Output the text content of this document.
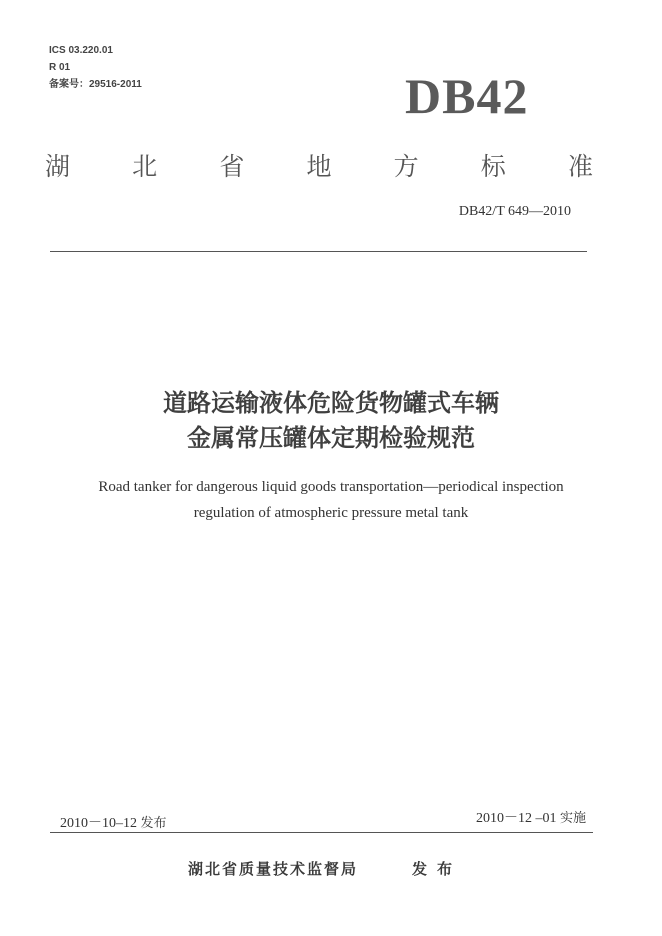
ICS 03.220.01
R 01
备案号：29516-2011	DB42
湖 北 省 地 方 标 准
DB42/T 649—2010
道路运输液体危险货物罐式车辆
金属常压罐体定期检验规范
Road tanker for dangerous liquid goods transportation—periodical inspection
regulation of atmospheric pressure metal tank
2010－10–12 发布	2010－12 –01 实施
湖北省质量技术监督局	发布
